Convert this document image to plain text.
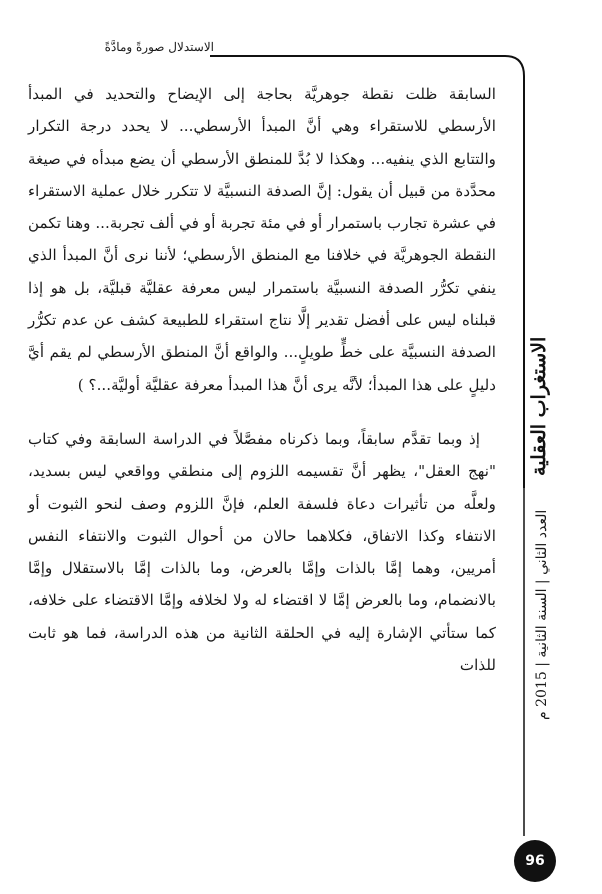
الاستدلال صورةً ومادَّةً

السابقة ظلت نقطة جوهريَّة بحاجة إلى الإيضاح والتحديد في المبدأ الأرسطي للاستقراء وهي أنَّ المبدأ الأرسطي... لا يحدد درجة التكرار والتتابع الذي ينفيه... وهكذا لا بُدَّ للمنطق الأرسطي أن يضع مبدأه في صيغة محدَّدة من قبيل أن يقول: إنَّ الصدفة النسبيَّة لا تتكرر خلال عملية الاستقراء في عشرة تجارب باستمرار أو في مئة تجربة أو في ألف تجربة... وهنا تكمن النقطة الجوهريَّة في خلافنا مع المنطق الأرسطي؛ لأننا نرى أنَّ المبدأ الذي ينفي تكرُّر الصدفة النسبيَّة باستمرار ليس معرفة عقليَّة قبليَّة، بل هو إذا قبلناه ليس على أفضل تقدير إلَّا نتاج استقراء للطبيعة كشف عن عدم تكرُّر الصدفة النسبيَّة على خطٍّ طويلٍ... والواقع أنَّ المنطق الأرسطي لم يقم أيَّ دليلٍ على هذا المبدأ؛ لأنَّه يرى أنَّ هذا المبدأ معرفة عقليَّة أوليَّة...؟ )

إذ وبما تقدَّم سابقاً، وبما ذكرناه مفصَّلاً في الدراسة السابقة وفي كتاب "نهج العقل"، يظهر أنَّ تقسيمه اللزوم إلى منطقي وواقعي ليس بسديد، ولعلَّه من تأثيرات دعاة فلسفة العلم، فإنَّ اللزوم وصف لنحو الثبوت أو الانتفاء وكذا الاتفاق، فكلاهما حالان من أحوال الثبوت والانتفاء النفس أمريين، وهما إمَّا بالذات وإمَّا بالعرض، وما بالذات إمَّا بالاستقلال وإمَّا بالانضمام، وما بالعرض إمَّا لا اقتضاء له ولا لخلافه وإمَّا الاقتضاء على خلافه، كما ستأتي الإشارة إليه في الحلقة الثانية من هذه الدراسة، فما هو ثابت للذات

الاستغراب العقلية
العدد الثاني | السنة الثانية | 2015 م
96
